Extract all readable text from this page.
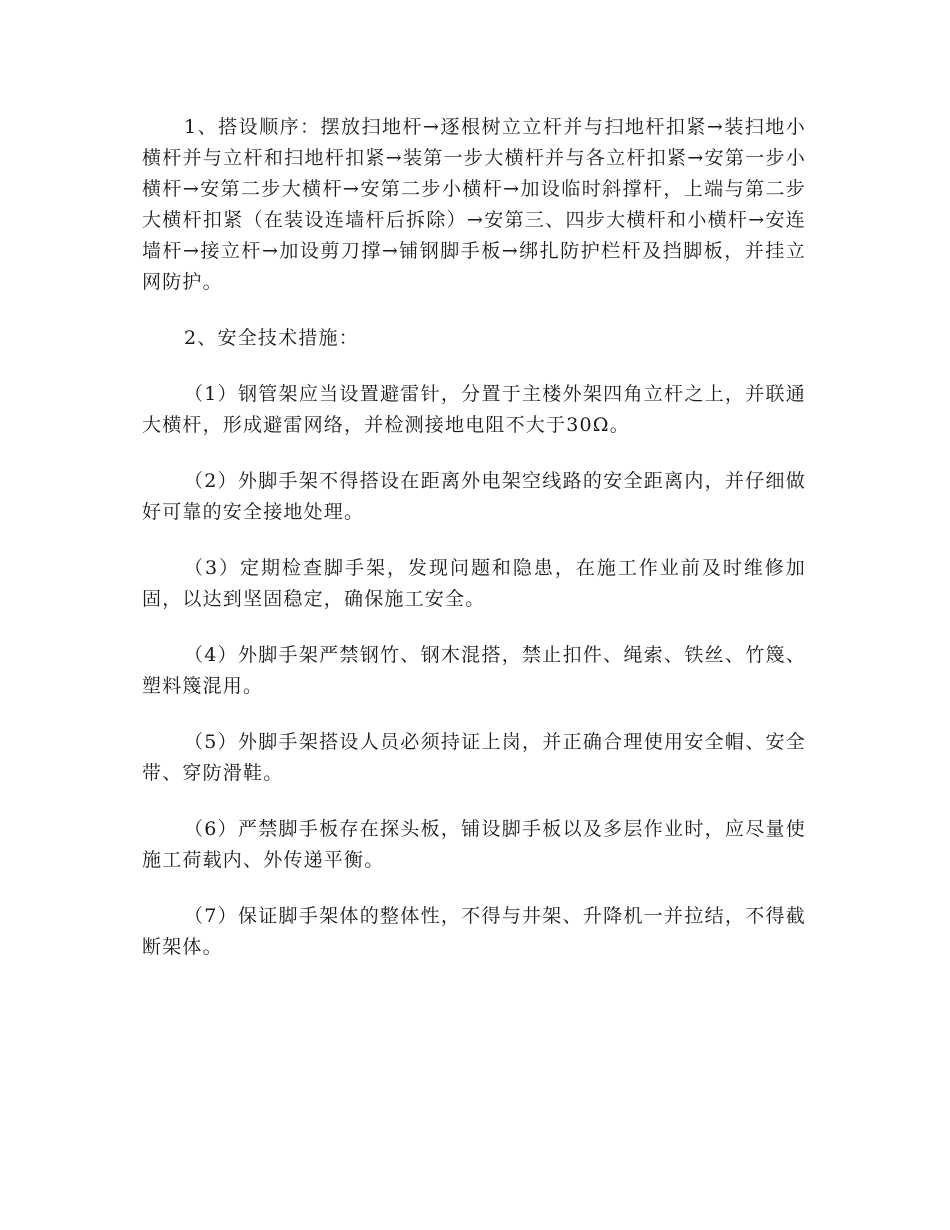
1、搭设顺序：摆放扫地杆→逐根树立立杆并与扫地杆扣紧→装扫地小横杆并与立杆和扫地杆扣紧→装第一步大横杆并与各立杆扣紧→安第一步小横杆→安第二步大横杆→安第二步小横杆→加设临时斜撑杆，上端与第二步大横杆扣紧（在装设连墙杆后拆除）→安第三、四步大横杆和小横杆→安连墙杆→接立杆→加设剪刀撑→铺钢脚手板→绑扎防护栏杆及挡脚板，并挂立网防护。

2、安全技术措施：

（1）钢管架应当设置避雷针，分置于主楼外架四角立杆之上，并联通大横杆，形成避雷网络，并检测接地电阻不大于30Ω。

（2）外脚手架不得搭设在距离外电架空线路的安全距离内，并仔细做好可靠的安全接地处理。

（3）定期检查脚手架，发现问题和隐患，在施工作业前及时维修加固，以达到坚固稳定，确保施工安全。

（4）外脚手架严禁钢竹、钢木混搭，禁止扣件、绳索、铁丝、竹篾、塑料篾混用。

（5）外脚手架搭设人员必须持证上岗，并正确合理使用安全帽、安全带、穿防滑鞋。

（6）严禁脚手板存在探头板，铺设脚手板以及多层作业时，应尽量使施工荷载内、外传递平衡。

（7）保证脚手架体的整体性，不得与井架、升降机一并拉结，不得截断架体。
